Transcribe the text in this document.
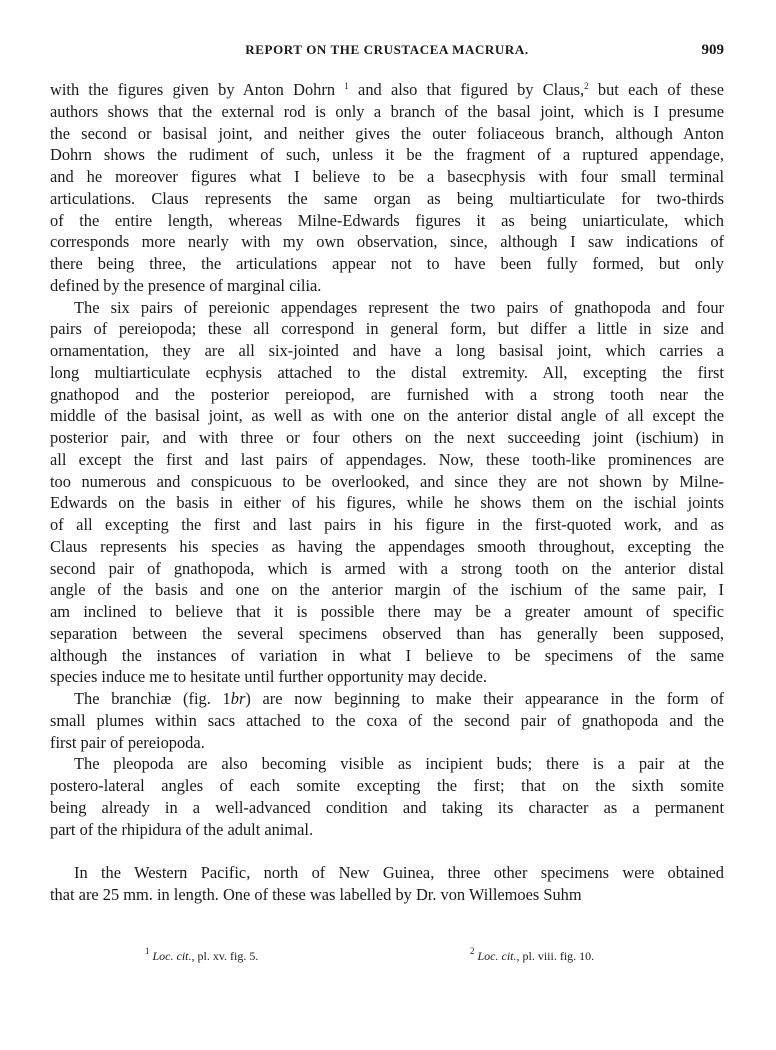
REPORT ON THE CRUSTACEA MACRURA.	909
with the figures given by Anton Dohrn $^1$ and also that figured by Claus,$^2$ but each of these
authors shows that the external rod is only a branch of the basal joint, which is I presume
the second or basisal joint, and neither gives the outer foliaceous branch, although Anton
Dohrn shows the rudiment of such, unless it be the fragment of a ruptured appendage,
and he moreover figures what I believe to be a basecphysis with four small terminal
articulations. Claus represents the same organ as being multiarticulate for two-thirds
of the entire length, whereas Milne-Edwards figures it as being uniarticulate, which
corresponds more nearly with my own observation, since, although I saw indications of
there being three, the articulations appear not to have been fully formed, but only
defined by the presence of marginal cilia.
The six pairs of pereionic appendages represent the two pairs of gnathopoda and four
pairs of pereiopoda; these all correspond in general form, but differ a little in size and
ornamentation, they are all six-jointed and have a long basisal joint, which carries a
long multiarticulate ecphysis attached to the distal extremity. All, excepting the first
gnathopod and the posterior pereiopod, are furnished with a strong tooth near the
middle of the basisal joint, as well as with one on the anterior distal angle of all except the
posterior pair, and with three or four others on the next succeeding joint (ischium) in
all except the first and last pairs of appendages. Now, these tooth-like prominences are
too numerous and conspicuous to be overlooked, and since they are not shown by Milne-
Edwards on the basis in either of his figures, while he shows them on the ischial joints
of all excepting the first and last pairs in his figure in the first-quoted work, and as
Claus represents his species as having the appendages smooth throughout, excepting the
second pair of gnathopoda, which is armed with a strong tooth on the anterior distal
angle of the basis and one on the anterior margin of the ischium of the same pair, I
am inclined to believe that it is possible there may be a greater amount of specific
separation between the several specimens observed than has generally been supposed,
although the instances of variation in what I believe to be specimens of the same
species induce me to hesitate until further opportunity may decide.
The branchiæ (fig. 1br) are now beginning to make their appearance in the form of
small plumes within sacs attached to the coxa of the second pair of gnathopoda and the
first pair of pereiopoda.
The pleopoda are also becoming visible as incipient buds; there is a pair at the
postero-lateral angles of each somite excepting the first; that on the sixth somite
being already in a well-advanced condition and taking its character as a permanent
part of the rhipidura of the adult animal.
In the Western Pacific, north of New Guinea, three other specimens were obtained
that are 25 mm. in length. One of these was labelled by Dr. von Willemoes Suhm
$^1$ Loc. cit., pl. xv. fig. 5.	$^2$ Loc. cit., pl. viii. fig. 10.
